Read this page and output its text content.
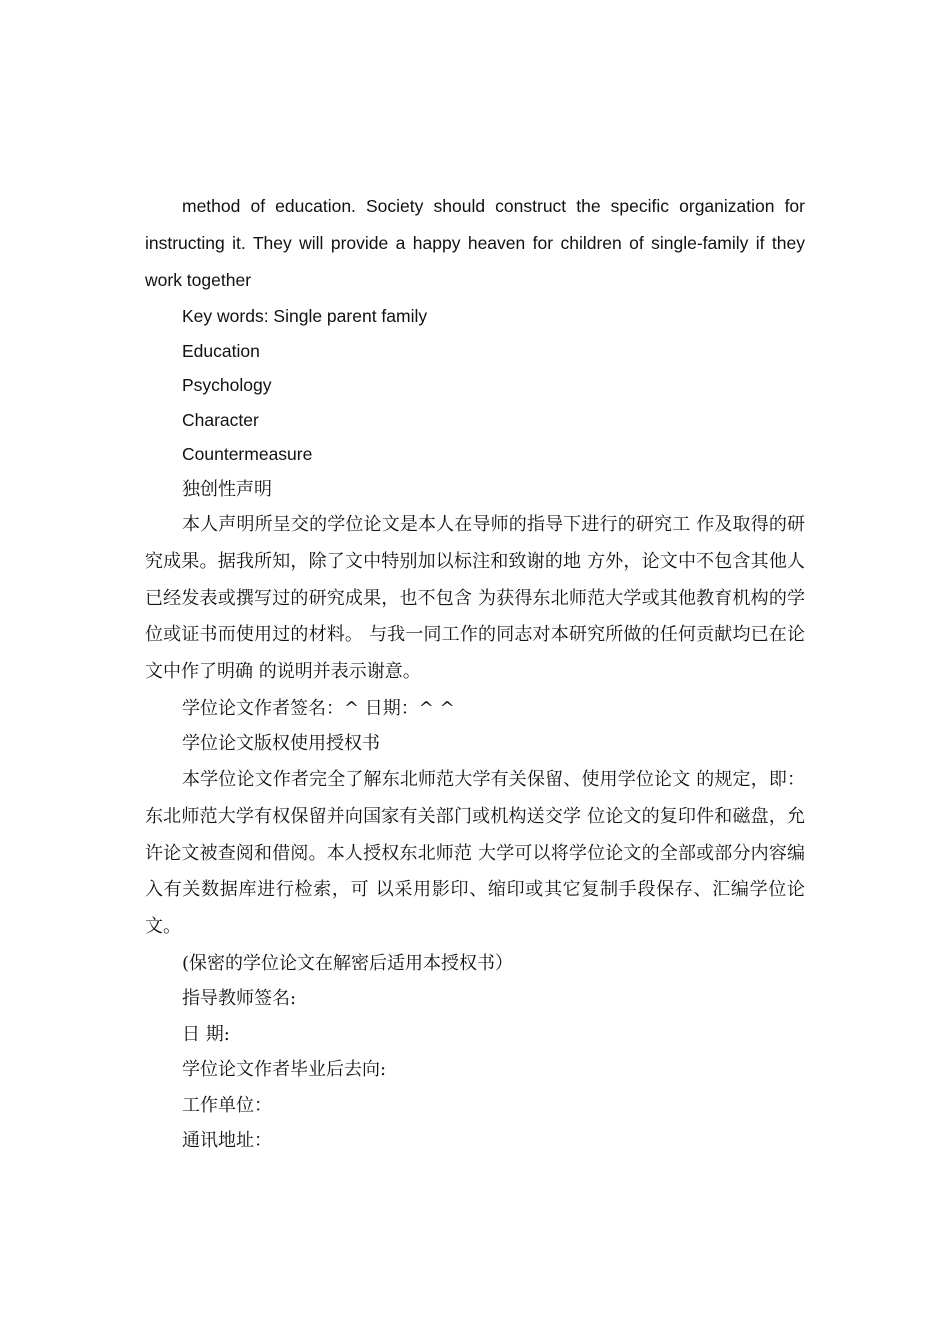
method of education. Society should construct the specific organization for instructing it. They will provide a happy heaven for children of single-family if they work together

Key words: Single parent family

Education

Psychology

Character

Countermeasure

独创性声明

本人声明所呈交的学位论文是本人在导师的指导下进行的研究工 作及取得的研究成果。据我所知，除了文中特别加以标注和致谢的地 方外，论文中不包含其他人已经发表或撰写过的研究成果，也不包含 为获得东北师范大学或其他教育机构的学位或证书而使用过的材料。 与我一同工作的同志对本研究所做的任何贡献均已在论文中作了明确 的说明并表示谢意。

学位论文作者签名：^ 日期：^ ^

学位论文版权使用授权书

本学位论文作者完全了解东北师范大学有关保留、使用学位论文 的规定，即：东北师范大学有权保留并向国家有关部门或机构送交学 位论文的复印件和磁盘，允许论文被查阅和借阅。本人授权东北师范 大学可以将学位论文的全部或部分内容编入有关数据库进行检索，可 以采用影印、缩印或其它复制手段保存、汇编学位论文。

(保密的学位论文在解密后适用本授权书）

指导教师签名:

日 期:

学位论文作者毕业后去向:

工作单位：

通讯地址：
